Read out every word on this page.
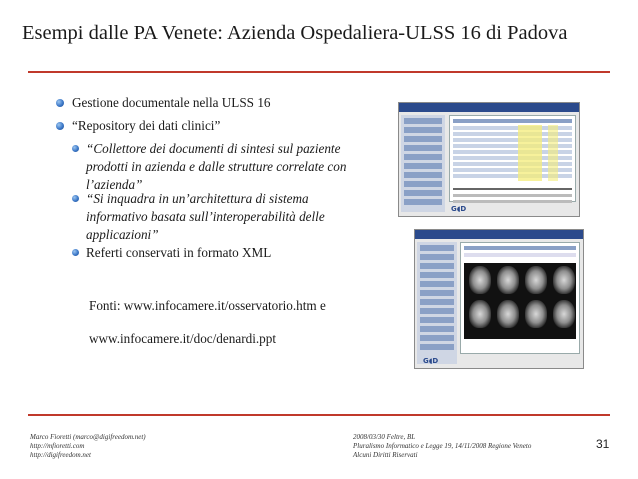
Esempi dalle PA Venete: Azienda Ospedaliera-ULSS 16 di Padova
Gestione documentale nella ULSS 16
“Repository dei dati clinici”
“Collettore dei documenti di sintesi sul paziente
prodotti in azienda e dalle strutture correlate con
l’azienda”
“Si inquadra in un’architettura di sistema
informativo basata sull’interoperabilità delle
applicazioni”
Referti conservati in formato XML
Fonti: www.infocamere.it/osservatorio.htm e
www.infocamere.it/doc/denardi.ppt
G◖D
G◖D
Marco Fioretti (marco@digifreedom.net)
http://mfioretti.com
http://digifreedom.net
2008/03/30 Feltre, BL
Pluralismo Informatico e Legge 19, 14/11/2008 Regione Veneto
Alcuni Diritti Riservati
31
